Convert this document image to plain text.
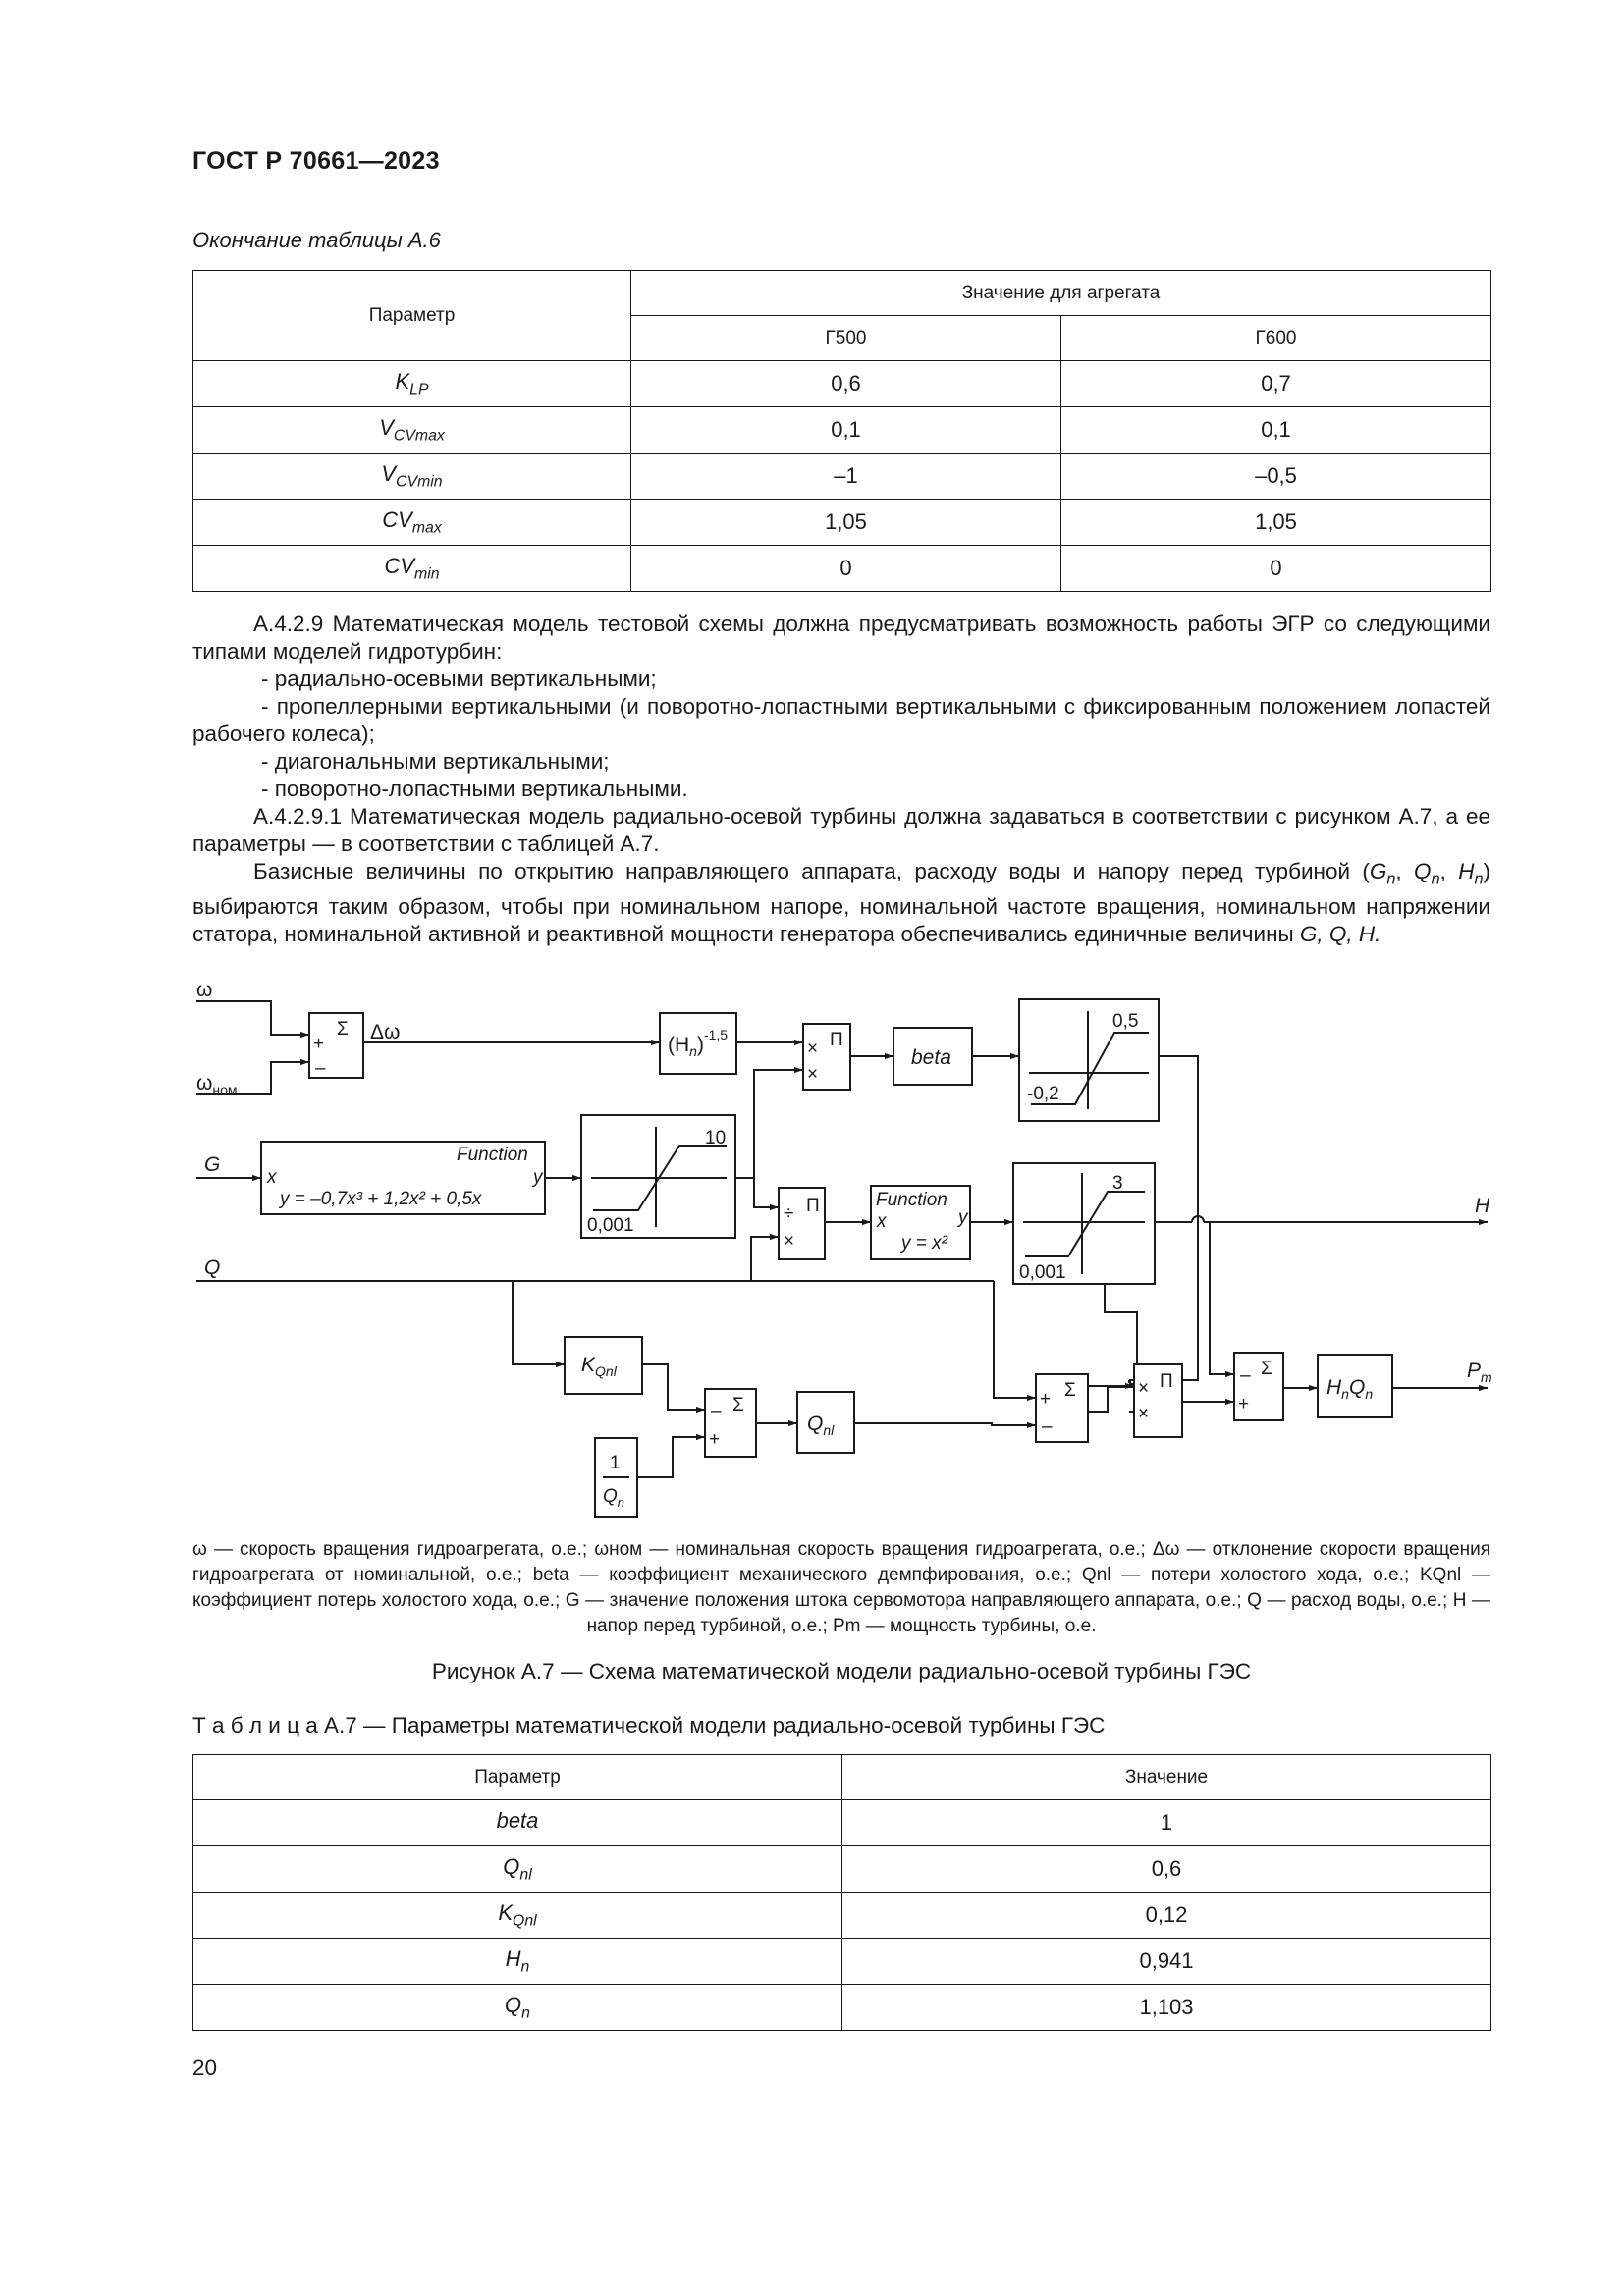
ГОСТ Р 70661—2023
Окончание таблицы А.6
Параметр	Значение для агрегата	
	Г500	Г600
$K_{LP}$	0,6	0,7
$V_{CVmax}$	0,1	0,1
$V_{CVmin}$	–1	–0,5
$CV_{max}$	1,05	1,05
$CV_{min}$	0	0

А.4.2.9 Математическая модель тестовой схемы должна предусматривать возможность работы ЭГР со следующими типами моделей гидротурбин:

- радиально-осевыми вертикальными;

- пропеллерными вертикальными (и поворотно-лопастными вертикальными с фиксированным положением лопастей рабочего колеса);

- диагональными вертикальными;

- поворотно-лопастными вертикальными.

А.4.2.9.1 Математическая модель радиально-осевой турбины должна задаваться в соответствии с рисунком А.7, а ее параметры — в соответствии с таблицей А.7.

Базисные величины по открытию направляющего аппарата, расходу воды и напору перед турбиной ($G_n$, $Q_n$, $H_n$) выбираются таким образом, чтобы при номинальном напоре, номинальной частоте вращения, номинальном напряжении статора, номинальной активной и реактивной мощности генератора обеспечивались единичные величины G, Q, H.

ω
$\omega_{ном}$
G
Q
H
$P_m$
Σ
+
–
Δω
$(H_n)^{-1,5}$	Π
×
×
beta
0,5
-0,2
Function
x	y
y = –0,7x³ + 1,2x² + 0,5x
10
0,001
Π
÷
×
Function
x	y
y = x²
3
0,001
$K_{Qnl}$
Σ
–
+
$Q_{nl}$
1
$Q_n$
Σ
+
–
Π
×
×
Σ
–
+
$H_nQ_n$
ω — скорость вращения гидроагрегата, о.е.; ωном — номинальная скорость вращения гидроагрегата, о.е.; Δω — отклонение скорости вращения гидроагрегата от номинальной, о.е.; beta — коэффициент механического демпфирования, о.е.; Qnl — потери холостого хода, о.е.; KQnl — коэффициент потерь холостого хода, о.е.; G — значение положения штока сервомотора направляющего аппарата, о.е.; Q — расход воды, о.е.; H — напор перед турбиной, о.е.; Pm — мощность турбины, о.е.
Рисунок А.7 — Схема математической модели радиально-осевой турбины ГЭС
Т а б л и ц а А.7 — Параметры математической модели радиально-осевой турбины ГЭС
Параметр	Значение
beta	1
$Q_{nl}$	0,6
$K_{Qnl}$	0,12
$H_n$	0,941
$Q_n$	1,103
20
